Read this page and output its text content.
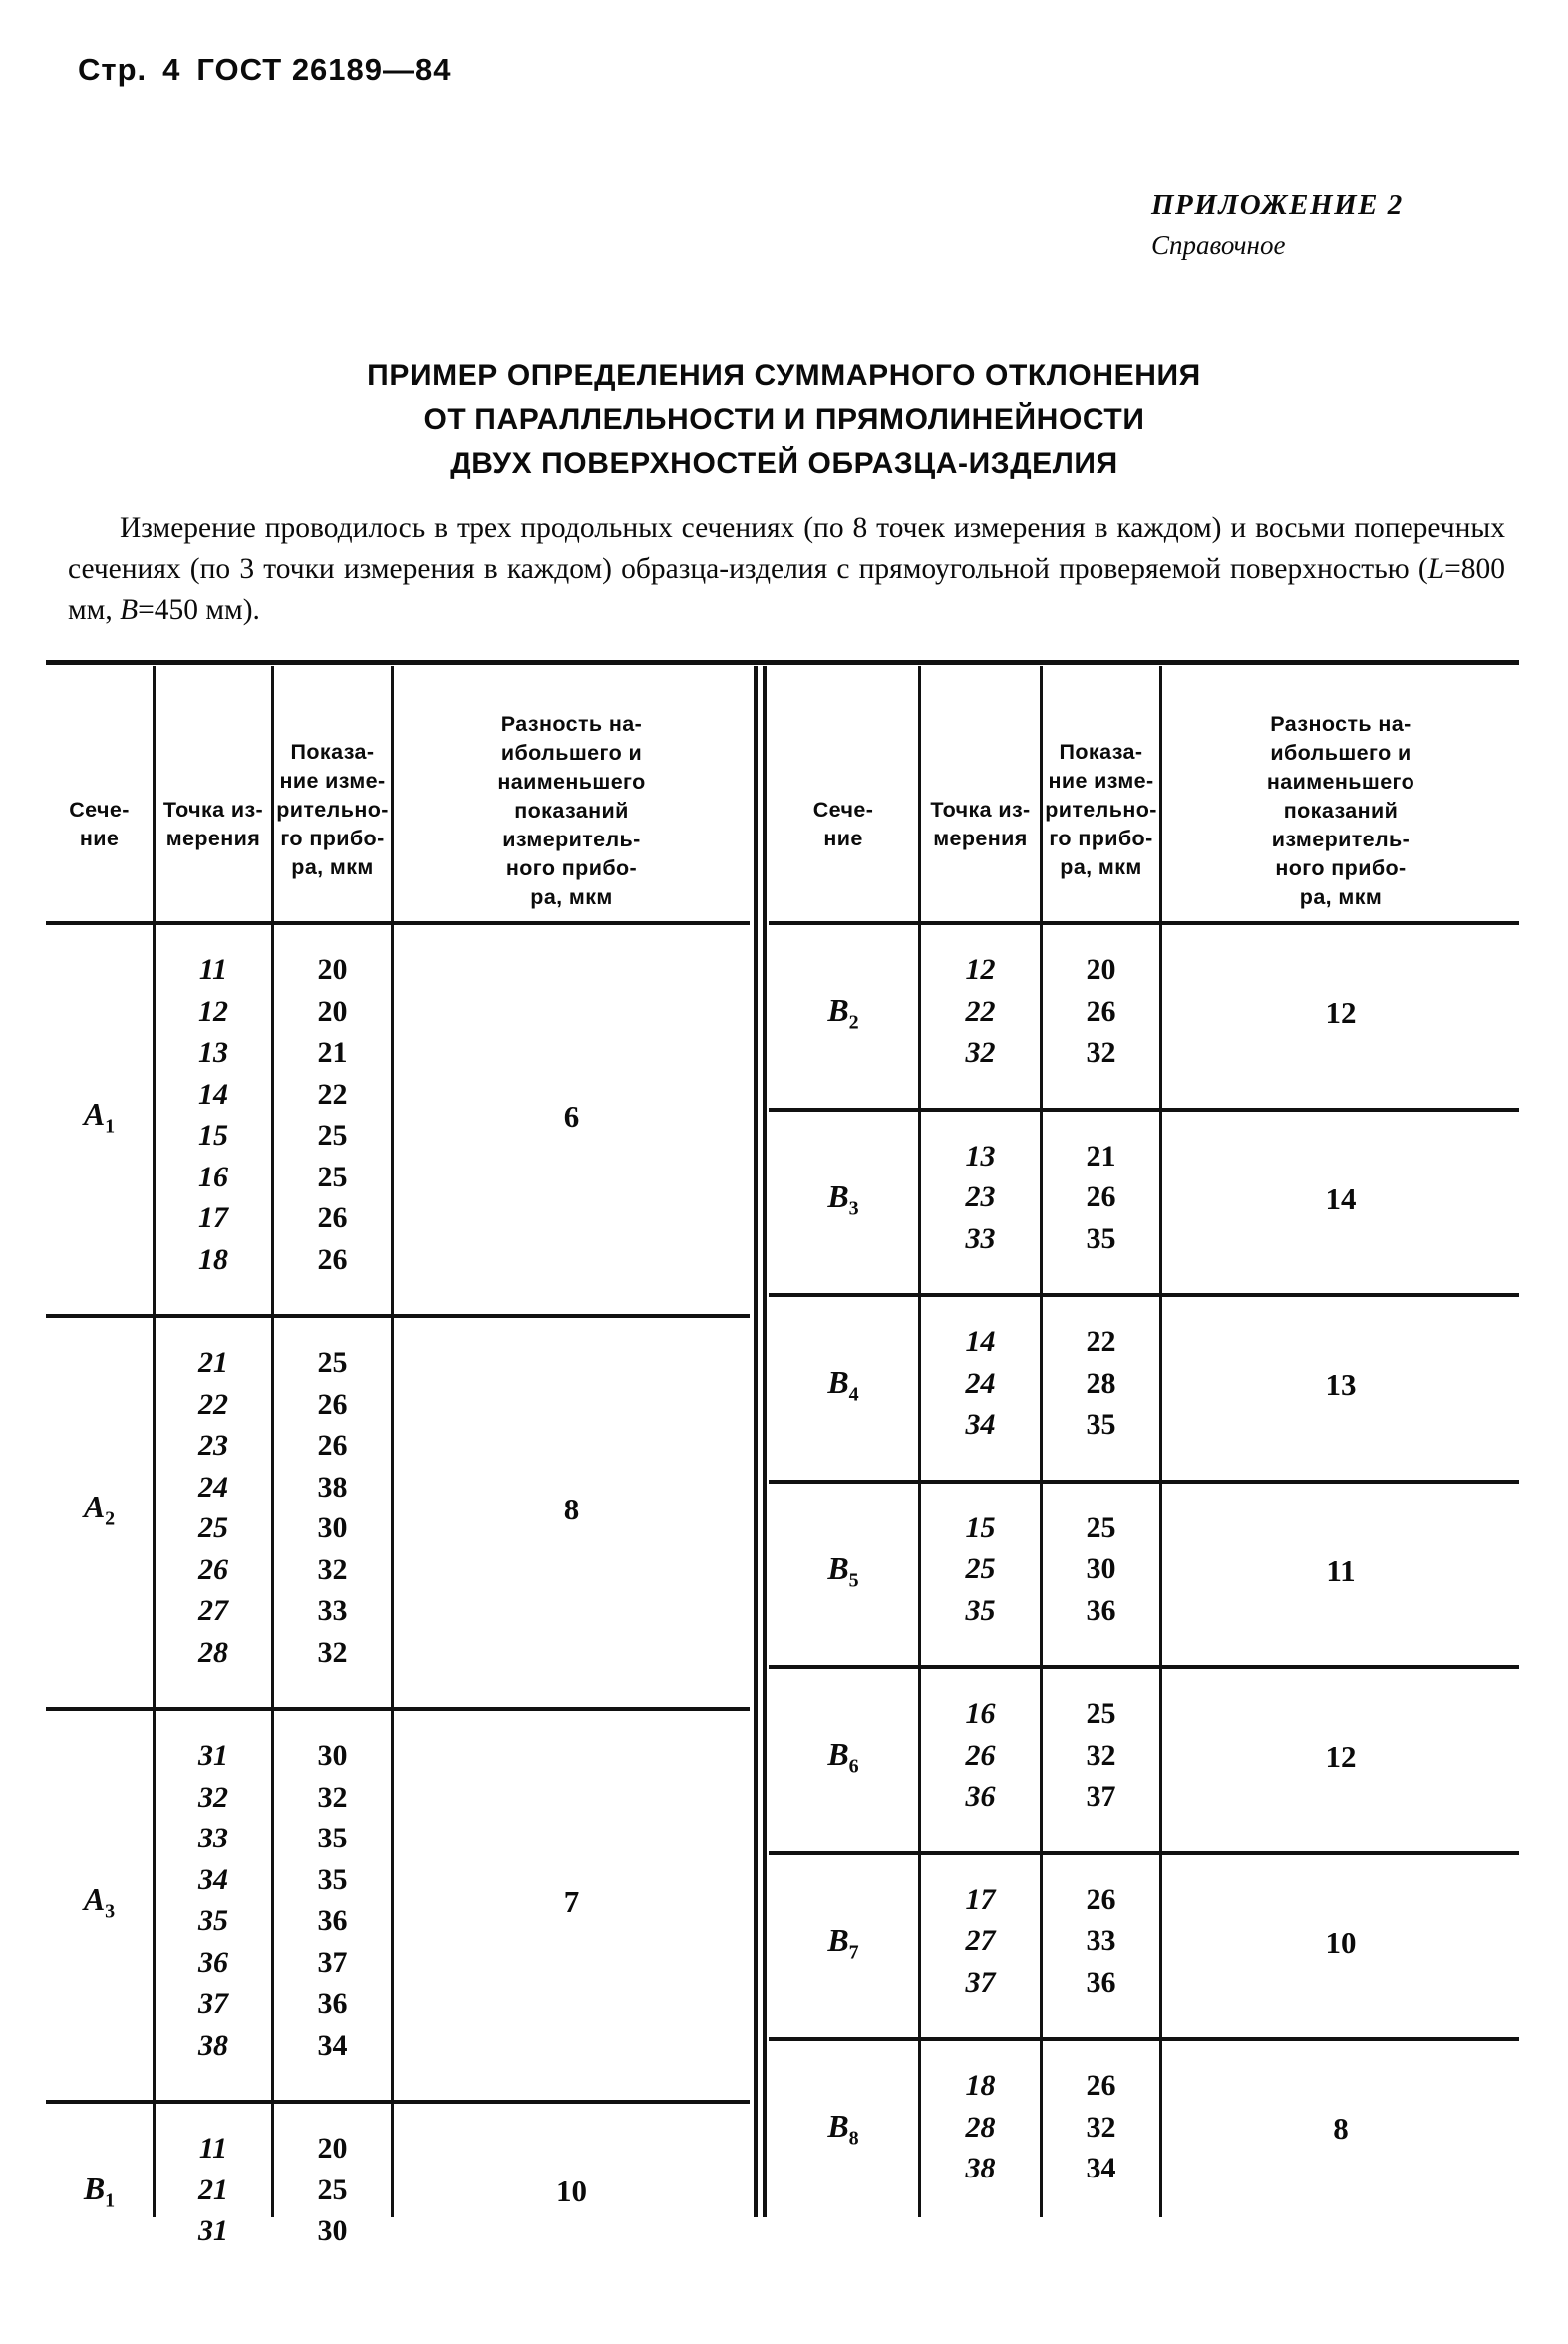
Стр. 4 ГОСТ 26189—84
ПРИЛОЖЕНИЕ 2
Справочное
ПРИМЕР ОПРЕДЕЛЕНИЯ СУММАРНОГО ОТКЛОНЕНИЯ
ОТ ПАРАЛЛЕЛЬНОСТИ И ПРЯМОЛИНЕЙНОСТИ
ДВУХ ПОВЕРХНОСТЕЙ ОБРАЗЦА-ИЗДЕЛИЯ
Измерение проводилось в трех продольных сечениях (по 8 точек измерения в каждом) и восьми поперечных сечениях (по 3 точки измерения в каждом) образца-изделия с прямоугольной проверяемой поверхностью (L=800 мм, B=450 мм).
Сече-
ние
Точка из-
мерения
Показа-
ние изме-
рительно-
го прибо-
ра, мкм
Разность на-
ибольшего и
наименьшего
показаний
измеритель-
ного прибо-
ра, мкм
$A_1$
11
12
13
14
15
16
17
18
20
20
21
22
25
25
26
26
6
$A_2$
21
22
23
24
25
26
27
28
25
26
26
38
30
32
33
32
8
$A_3$
31
32
33
34
35
36
37
38
30
32
35
35
36
37
36
34
7
$B_1$
11
21
31
20
25
30
10
Сече-
ние
Точка из-
мерения
Показа-
ние изме-
рительно-
го прибо-
ра, мкм
Разность на-
ибольшего и
наименьшего
показаний
измеритель-
ного прибо-
ра, мкм
$B_2$
12
22
32
20
26
32
12
$B_3$
13
23
33
21
26
35
14
$B_4$
14
24
34
22
28
35
13
$B_5$
15
25
35
25
30
36
11
$B_6$
16
26
36
25
32
37
12
$B_7$
17
27
37
26
33
36
10
$B_8$
18
28
38
26
32
34
8
